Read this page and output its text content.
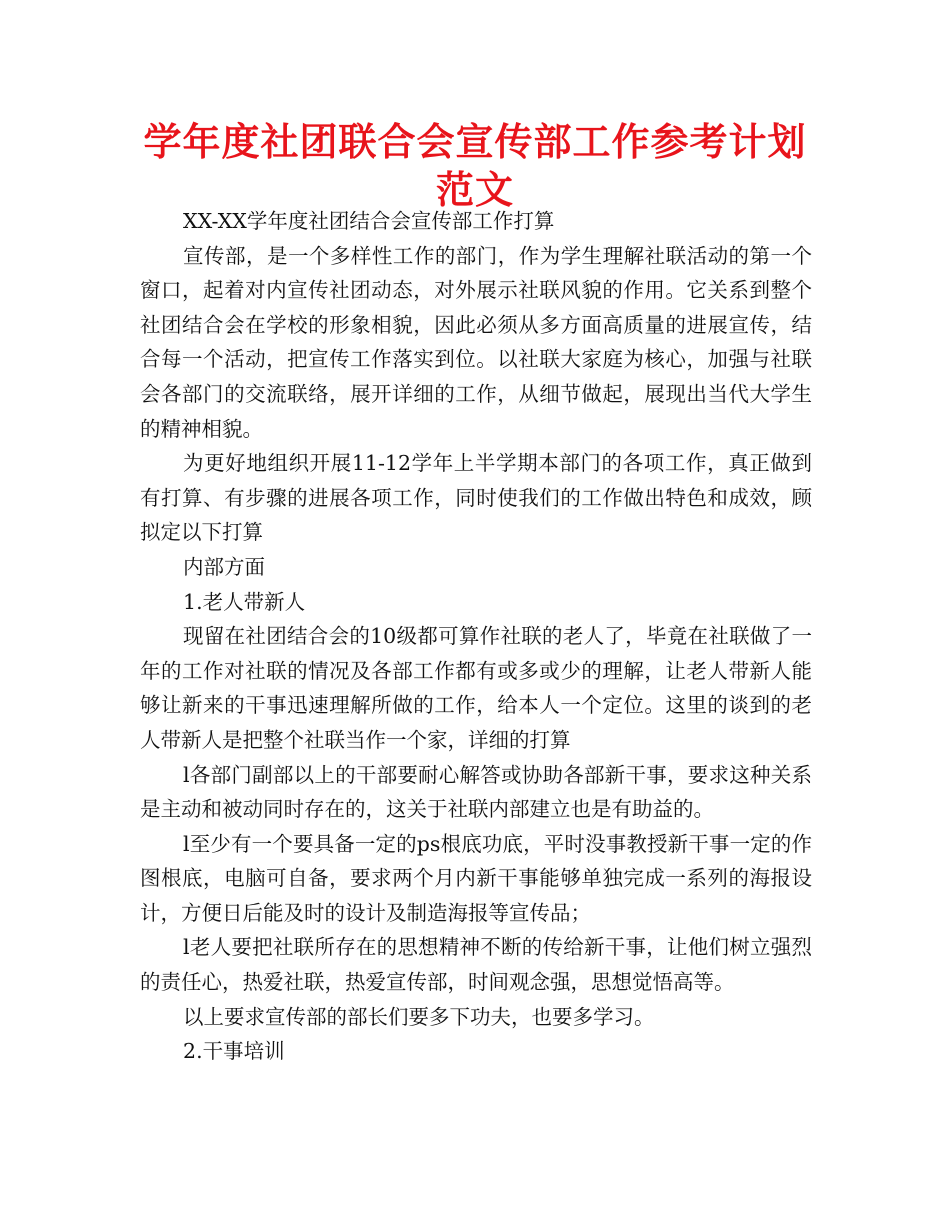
学年度社团联合会宣传部工作参考计划范文

XX-XX学年度社团结合会宣传部工作打算

宣传部，是一个多样性工作的部门，作为学生理解社联活动的第一个窗口，起着对内宣传社团动态，对外展示社联风貌的作用。它关系到整个社团结合会在学校的形象相貌，因此必须从多方面高质量的进展宣传，结合每一个活动，把宣传工作落实到位。以社联大家庭为核心，加强与社联会各部门的交流联络，展开详细的工作，从细节做起，展现出当代大学生的精神相貌。

为更好地组织开展11-12学年上半学期本部门的各项工作，真正做到有打算、有步骤的进展各项工作，同时使我们的工作做出特色和成效，顾拟定以下打算

内部方面

1.老人带新人

现留在社团结合会的10级都可算作社联的老人了，毕竟在社联做了一年的工作对社联的情况及各部工作都有或多或少的理解，让老人带新人能够让新来的干事迅速理解所做的工作，给本人一个定位。这里的谈到的老人带新人是把整个社联当作一个家，详细的打算

l各部门副部以上的干部要耐心解答或协助各部新干事，要求这种关系是主动和被动同时存在的，这关于社联内部建立也是有助益的。

l至少有一个要具备一定的ps根底功底，平时没事教授新干事一定的作图根底，电脑可自备，要求两个月内新干事能够单独完成一系列的海报设计，方便日后能及时的设计及制造海报等宣传品；

l老人要把社联所存在的思想精神不断的传给新干事，让他们树立强烈的责任心，热爱社联，热爱宣传部，时间观念强，思想觉悟高等。

以上要求宣传部的部长们要多下功夫，也要多学习。

2.干事培训
